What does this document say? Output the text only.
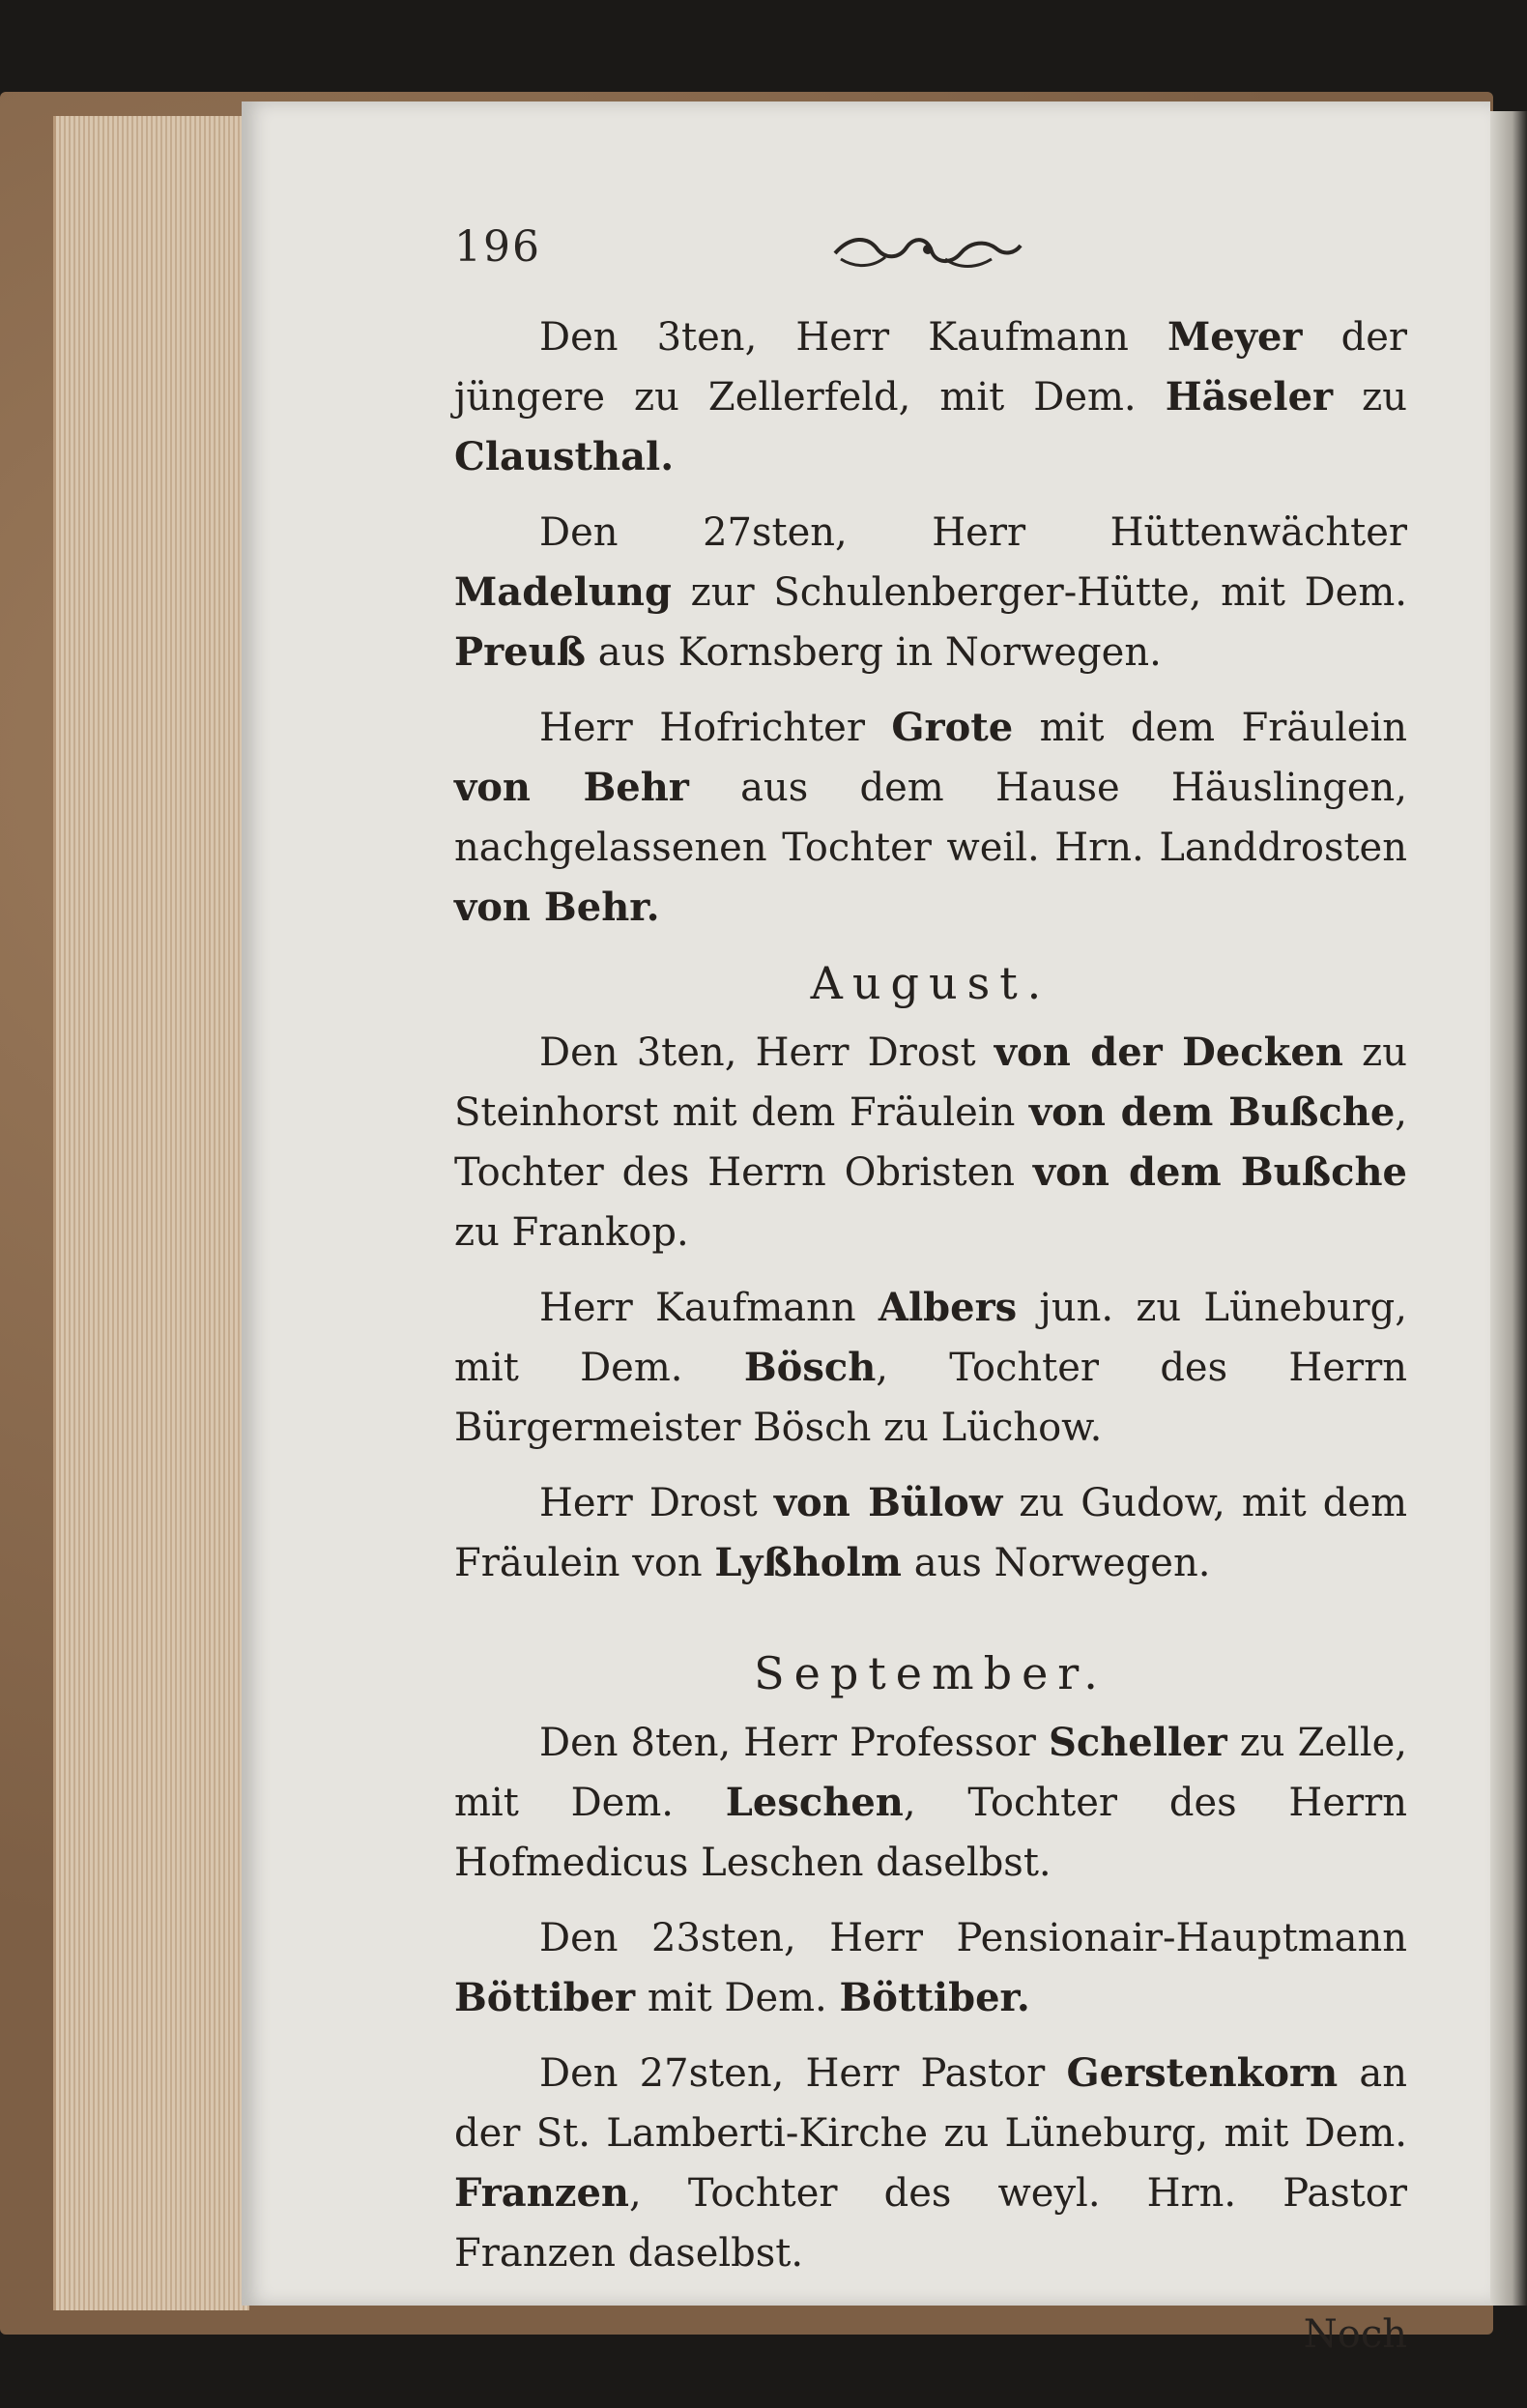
196

Den 3ten, Herr Kaufmann Meyer der jüngere zu Zellerfeld, mit Dem. Häseler zu Clausthal.

Den 27sten, Herr Hüttenwächter Madelung zur Schulenberger-Hütte, mit Dem. Preuß aus Kornsberg in Norwegen.

Herr Hofrichter Grote mit dem Fräulein von Behr aus dem Hause Häuslingen, nachgelassenen Tochter weil. Hrn. Landdrosten von Behr.

August.

Den 3ten, Herr Drost von der Decken zu Steinhorst mit dem Fräulein von dem Bußche, Tochter des Herrn Obristen von dem Bußche zu Frankop.

Herr Kaufmann Albers jun. zu Lüneburg, mit Dem. Bösch, Tochter des Herrn Bürgermeister Bösch zu Lüchow.

Herr Drost von Bülow zu Gudow, mit dem Fräulein von Lyßholm aus Norwegen.

September.

Den 8ten, Herr Professor Scheller zu Zelle, mit Dem. Leschen, Tochter des Herrn Hofmedicus Leschen daselbst.

Den 23sten, Herr Pensionair-Hauptmann Böttiber mit Dem. Böttiber.

Den 27sten, Herr Pastor Gerstenkorn an der St. Lamberti-Kirche zu Lüneburg, mit Dem. Franzen, Tochter des weyl. Hrn. Pastor Franzen daselbst.

Noch
